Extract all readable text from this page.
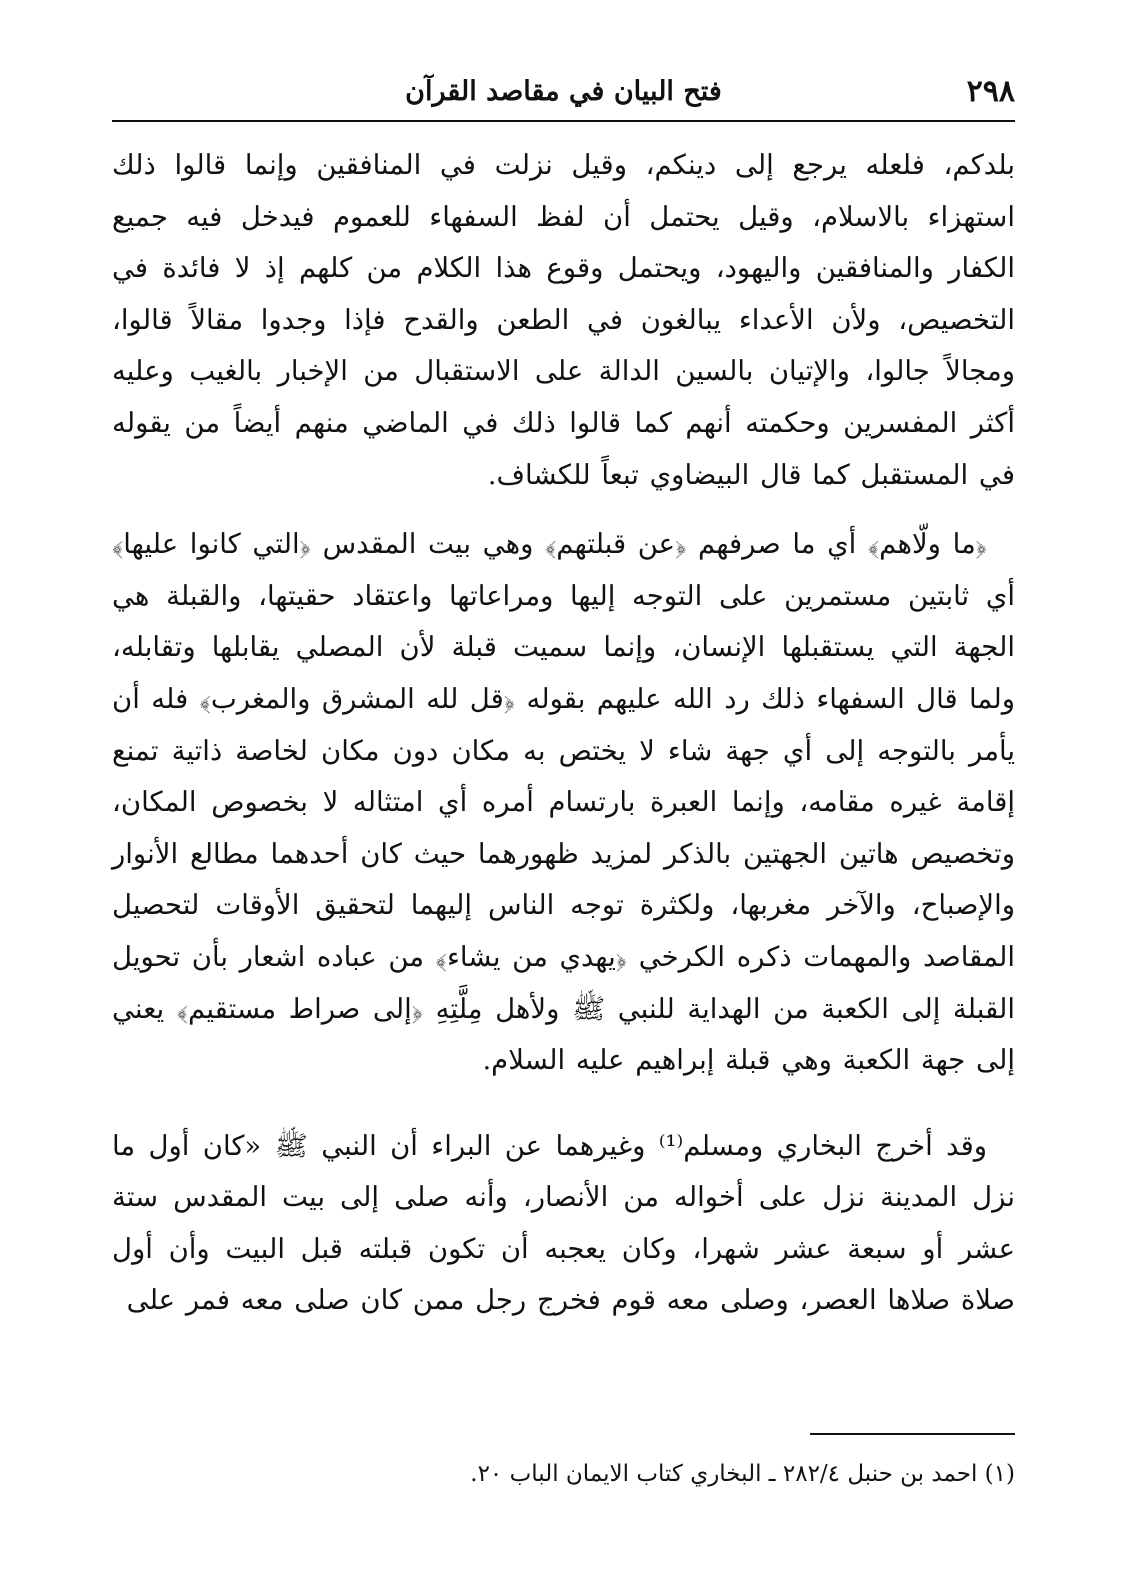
٢٩٨
فتح البيان في مقاصد القرآن

بلدكم، فلعله يرجع إلى دينكم، وقيل نزلت في المنافقين وإنما قالوا ذلك استهزاء بالاسلام، وقيل يحتمل أن لفظ السفهاء للعموم فيدخل فيه جميع الكفار والمنافقين واليهود، ويحتمل وقوع هذا الكلام من كلهم إذ لا فائدة في التخصيص، ولأن الأعداء يبالغون في الطعن والقدح فإذا وجدوا مقالاً قالوا، ومجالاً جالوا، والإتيان بالسين الدالة على الاستقبال من الإخبار بالغيب وعليه أكثر المفسرين وحكمته أنهم كما قالوا ذلك في الماضي منهم أيضاً من يقوله في المستقبل كما قال البيضاوي تبعاً للكشاف.

﴿ما ولّاهم﴾ أي ما صرفهم ﴿عن قبلتهم﴾ وهي بيت المقدس ﴿التي كانوا عليها﴾ أي ثابتين مستمرين على التوجه إليها ومراعاتها واعتقاد حقيتها، والقبلة هي الجهة التي يستقبلها الإنسان، وإنما سميت قبلة لأن المصلي يقابلها وتقابله، ولما قال السفهاء ذلك رد الله عليهم بقوله ﴿قل لله المشرق والمغرب﴾ فله أن يأمر بالتوجه إلى أي جهة شاء لا يختص به مكان دون مكان لخاصة ذاتية تمنع إقامة غيره مقامه، وإنما العبرة بارتسام أمره أي امتثاله لا بخصوص المكان، وتخصيص هاتين الجهتين بالذكر لمزيد ظهورهما حيث كان أحدهما مطالع الأنوار والإصباح، والآخر مغربها، ولكثرة توجه الناس إليهما لتحقيق الأوقات لتحصيل المقاصد والمهمات ذكره الكرخي ﴿يهدي من يشاء﴾ من عباده اشعار بأن تحويل القبلة إلى الكعبة من الهداية للنبي ﷺ ولأهل مِلَّتِهِ ﴿إلى صراط مستقيم﴾ يعني إلى جهة الكعبة وهي قبلة إبراهيم عليه السلام.

وقد أخرج البخاري ومسلم⁽¹⁾ وغيرهما عن البراء أن النبي ﷺ «كان أول ما نزل المدينة نزل على أخواله من الأنصار، وأنه صلى إلى بيت المقدس ستة عشر أو سبعة عشر شهرا، وكان يعجبه أن تكون قبلته قبل البيت وأن أول صلاة صلاها العصر، وصلى معه قوم فخرج رجل ممن كان صلى معه فمر على

(١) احمد بن حنبل ٢٨٢/٤ ـ البخاري كتاب الايمان الباب ٢٠.
